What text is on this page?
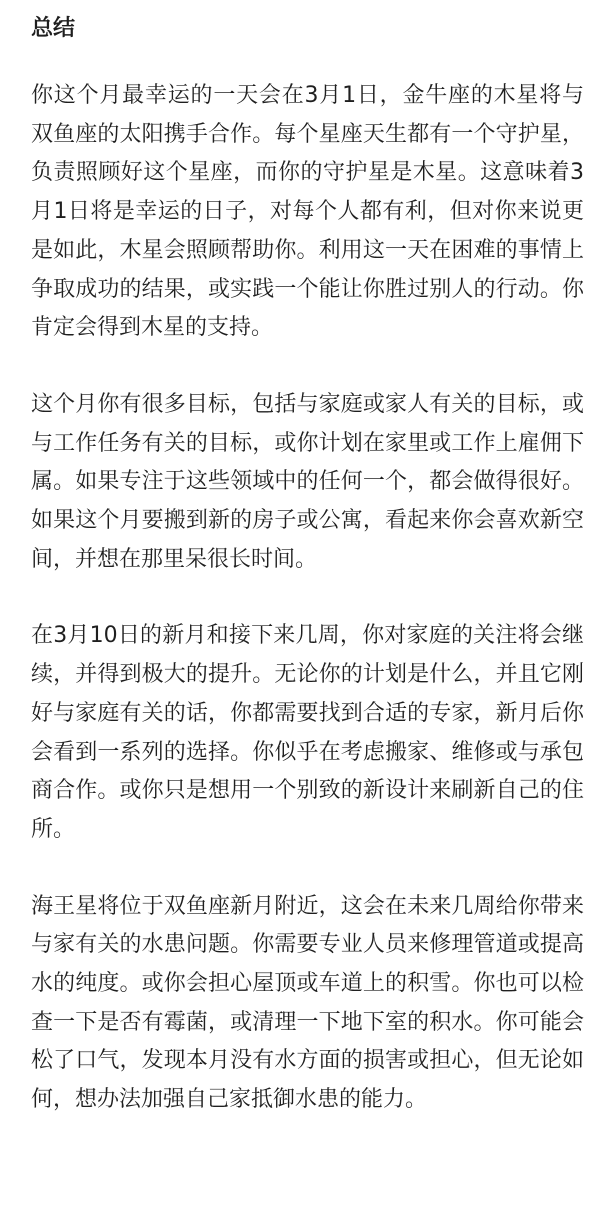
总结

你这个月最幸运的一天会在3月1日，金牛座的木星将与双鱼座的太阳携手合作。每个星座天生都有一个守护星，负责照顾好这个星座，而你的守护星是木星。这意味着3月1日将是幸运的日子，对每个人都有利，但对你来说更是如此，木星会照顾帮助你。利用这一天在困难的事情上争取成功的结果，或实践一个能让你胜过别人的行动。你肯定会得到木星的支持。

这个月你有很多目标，包括与家庭或家人有关的目标，或与工作任务有关的目标，或你计划在家里或工作上雇佣下属。如果专注于这些领域中的任何一个，都会做得很好。如果这个月要搬到新的房子或公寓，看起来你会喜欢新空间，并想在那里呆很长时间。

在3月10日的新月和接下来几周，你对家庭的关注将会继续，并得到极大的提升。无论你的计划是什么，并且它刚好与家庭有关的话，你都需要找到合适的专家，新月后你会看到一系列的选择。你似乎在考虑搬家、维修或与承包商合作。或你只是想用一个别致的新设计来刷新自己的住所。

海王星将位于双鱼座新月附近，这会在未来几周给你带来与家有关的水患问题。你需要专业人员来修理管道或提高水的纯度。或你会担心屋顶或车道上的积雪。你也可以检查一下是否有霉菌，或清理一下地下室的积水。你可能会松了口气，发现本月没有水方面的损害或担心，但无论如何，想办法加强自己家抵御水患的能力。
